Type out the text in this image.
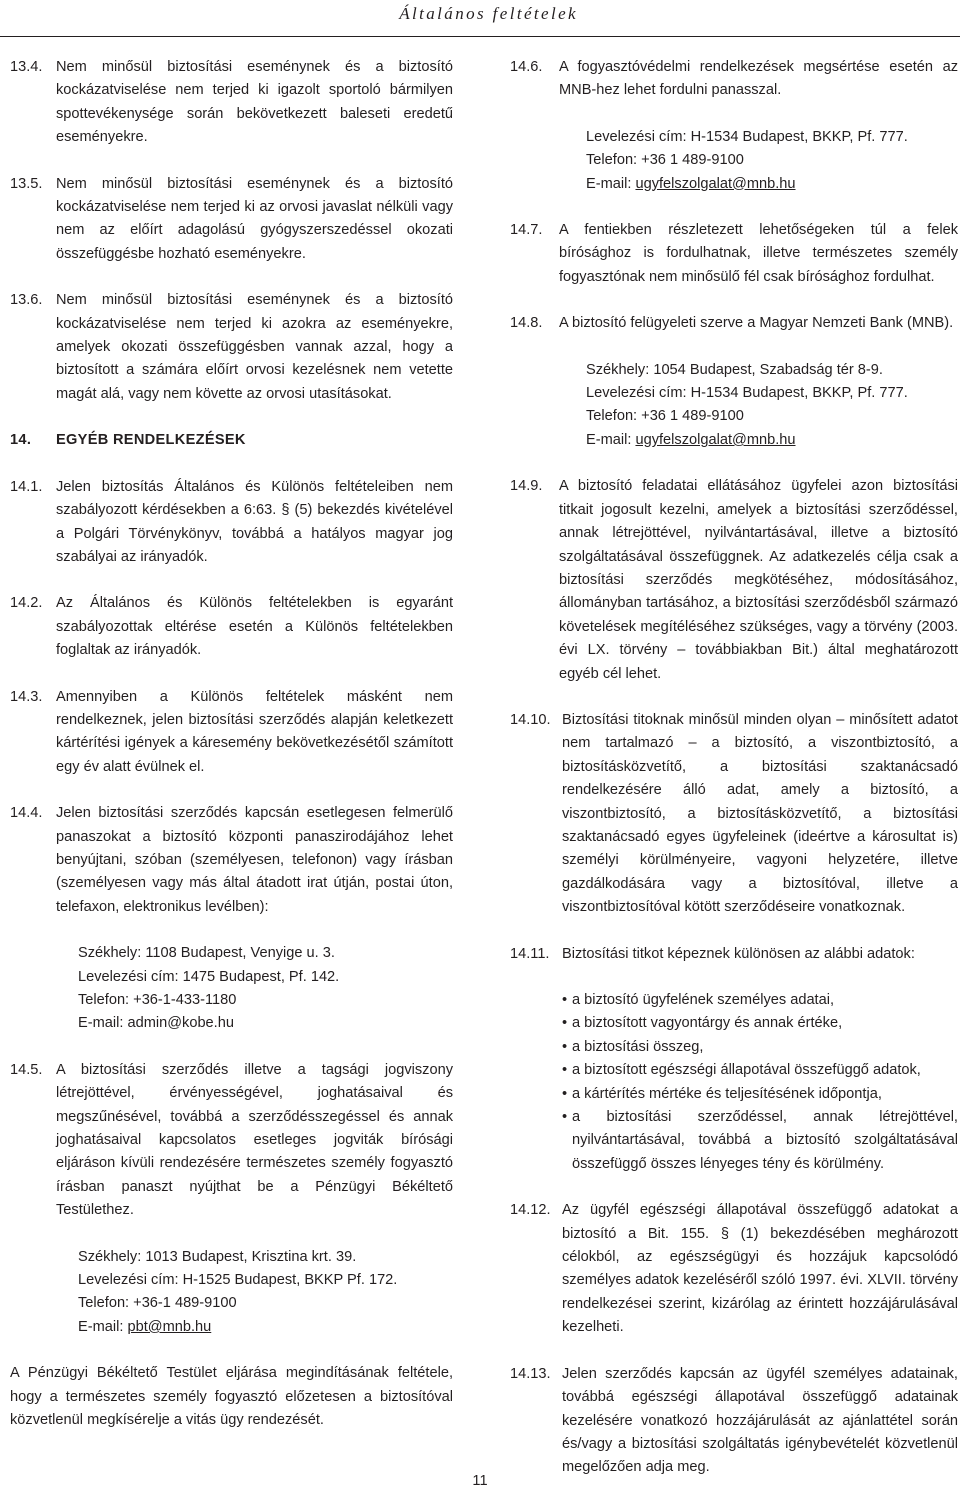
Általános feltételek
13.4. Nem minősül biztosítási eseménynek és a biztosító kockázatviselése nem terjed ki igazolt sportoló bármilyen spottevékenysége során bekövetkezett baleseti eredetű eseményekre.
13.5. Nem minősül biztosítási eseménynek és a biztosító kockázatviselése nem terjed ki az orvosi javaslat nélküli vagy nem az előírt adagolású gyógyszerszedéssel okozati összefüggésbe hozható eseményekre.
13.6. Nem minősül biztosítási eseménynek és a biztosító kockázatviselése nem terjed ki azokra az eseményekre, amelyek okozati összefüggésben vannak azzal, hogy a biztosított a számára előírt orvosi kezelésnek nem vetette magát alá, vagy nem követte az orvosi utasításokat.
14. EGYÉB RENDELKEZÉSEK
14.1. Jelen biztosítás Általános és Különös feltételeiben nem szabályozott kérdésekben a 6:63. § (5) bekezdés kivételével a Polgári Törvénykönyv, továbbá a hatályos magyar jog szabályai az irányadók.
14.2. Az Általános és Különös feltételekben is egyaránt szabályozottak eltérése esetén a Különös feltételekben foglaltak az irányadók.
14.3. Amennyiben a Különös feltételek másként nem rendelkeznek, jelen biztosítási szerződés alapján keletkezett kártérítési igények a káresemény bekövetkezésétől számított egy év alatt évülnek el.
14.4. Jelen biztosítási szerződés kapcsán esetlegesen felmerülő panaszokat a biztosító központi panaszirodájához lehet benyújtani, szóban (személyesen, telefonon) vagy írásban (személyesen vagy más által átadott irat útján, postai úton, telefaxon, elektronikus levélben):
Székhely: 1108 Budapest, Venyige u. 3.
Levelezési cím: 1475 Budapest, Pf. 142.
Telefon: +36-1-433-1180
E-mail: admin@kobe.hu
14.5. A biztosítási szerződés illetve a tagsági jogviszony létrejöttével, érvényességével, joghatásaival és megszűnésével, továbbá a szerződésszegéssel és annak joghatásaival kapcsolatos esetleges jogviták bírósági eljáráson kívüli rendezésére természetes személy fogyasztó írásban panaszt nyújthat be a Pénzügyi Békéltető Testülethez.
Székhely: 1013 Budapest, Krisztina krt. 39.
Levelezési cím: H-1525 Budapest, BKKP Pf. 172.
Telefon: +36-1 489-9100
E-mail: pbt@mnb.hu
A Pénzügyi Békéltető Testület eljárása megindításának feltétele, hogy a természetes személy fogyasztó előzetesen a biztosítóval közvetlenül megkísérelje a vitás ügy rendezését.
14.6. A fogyasztóvédelmi rendelkezések megsértése esetén az MNB-hez lehet fordulni panasszal.
Levelezési cím: H-1534 Budapest, BKKP, Pf. 777.
Telefon: +36 1 489-9100
E-mail: ugyfelszolgalat@mnb.hu
14.7. A fentiekben részletezett lehetőségeken túl a felek bírósághoz is fordulhatnak, illetve természetes személy fogyasztónak nem minősülő fél csak bírósághoz fordulhat.
14.8. A biztosító felügyeleti szerve a Magyar Nemzeti Bank (MNB).
Székhely: 1054 Budapest, Szabadság tér 8-9.
Levelezési cím: H-1534 Budapest, BKKP, Pf. 777.
Telefon: +36 1 489-9100
E-mail: ugyfelszolgalat@mnb.hu
14.9. A biztosító feladatai ellátásához ügyfelei azon biztosítási titkait jogosult kezelni, amelyek a biztosítási szerződéssel, annak létrejöttével, nyilvántartásával, illetve a biztosító szolgáltatásával összefüggnek. Az adatkezelés célja csak a biztosítási szerződés megkötéséhez, módosításához, állományban tartásához, a biztosítási szerződésből származó követelések megítéléséhez szükséges, vagy a törvény (2003. évi LX. törvény – továbbiakban Bit.) által meghatározott egyéb cél lehet.
14.10. Biztosítási titoknak minősül minden olyan – minősített adatot nem tartalmazó – a biztosító, a viszontbiztosító, a biztosításközvetítő, a biztosítási szaktanácsadó rendelkezésére álló adat, amely a biztosító, a viszontbiztosító, a biztosításközvetítő, a biztosítási szaktanácsadó egyes ügyfeleinek (ideértve a károsultat is) személyi körülményeire, vagyoni helyzetére, illetve gazdálkodására vagy a biztosítóval, illetve a viszontbiztosítóval kötött szerződéseire vonatkoznak.
14.11. Biztosítási titkot képeznek különösen az alábbi adatok:
• a biztosító ügyfelének személyes adatai,
• a biztosított vagyontárgy és annak értéke,
• a biztosítási összeg,
• a biztosított egészségi állapotával összefüggő adatok,
• a kártérítés mértéke és teljesítésének időpontja,
• a biztosítási szerződéssel, annak létrejöttével, nyilvántartásával, továbbá a biztosító szolgáltatásával összefüggő összes lényeges tény és körülmény.
14.12. Az ügyfél egészségi állapotával összefüggő adatokat a biztosító a Bit. 155. § (1) bekezdésében meghározott célokból, az egészségügyi és hozzájuk kapcsolódó személyes adatok kezeléséről szóló 1997. évi. XLVII. törvény rendelkezései szerint, kizárólag az érintett hozzájárulásával kezelheti.
14.13. Jelen szerződés kapcsán az ügyfél személyes adatainak, továbbá egészségi állapotával összefüggő adatainak kezelésére vonatkozó hozzájárulását az ajánlattétel során és/vagy a biztosítási szolgáltatás igénybevételét közvetlenül megelőzően adja meg.
11
